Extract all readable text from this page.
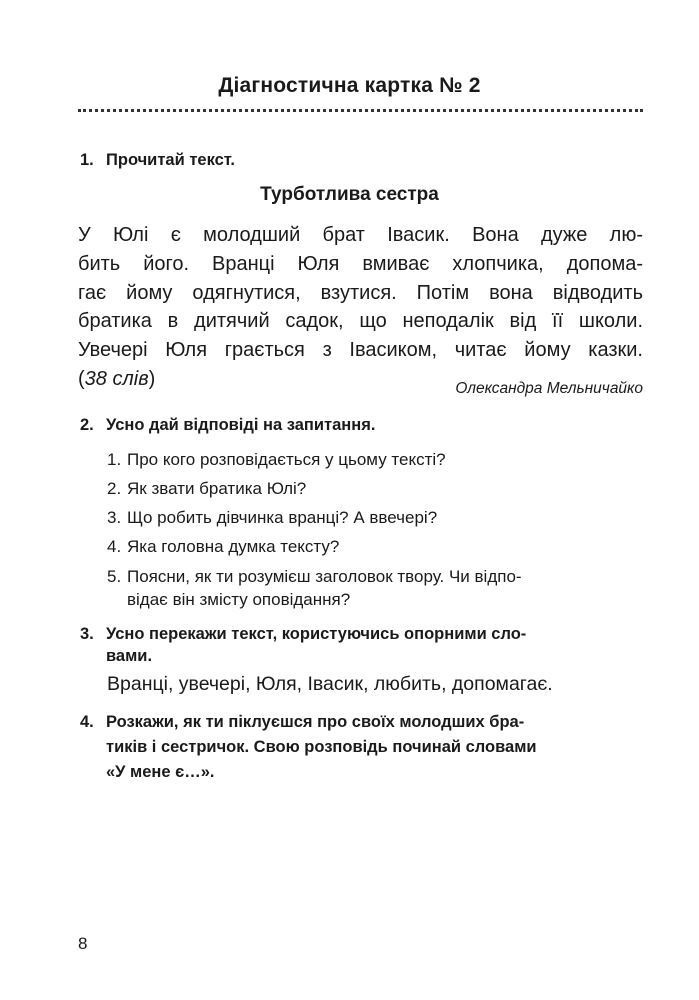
Діагностична картка № 2
1. Прочитай текст.
Турботлива сестра
У Юлі є молодший брат Івасик. Вона дуже лю-
бить його. Вранці Юля вмиває хлопчика, допома-
гає йому одягнутися, взутися. Потім вона відводить
братика в дитячий садок, що неподалік від її школи.
Увечері Юля грається з Івасиком, читає йому казки.
(38 слів)	Олександра Мельничайко
2. Усно дай відповіді на запитання.
1. Про кого розповідається у цьому тексті?
2. Як звати братика Юлі?
3. Що робить дівчинка вранці? А ввечері?
4. Яка головна думка тексту?
5. Поясни, як ти розумієш заголовок твору. Чи відпо-
відає він змісту оповідання?
3. Усно перекажи текст, користуючись опорними сло-
вами.
Вранці, увечері, Юля, Івасик, любить, допомагає.
4. Розкажи, як ти піклуєшся про своїх молодших бра-
тиків і сестричок. Свою розповідь починай словами
«У мене є…».
8
